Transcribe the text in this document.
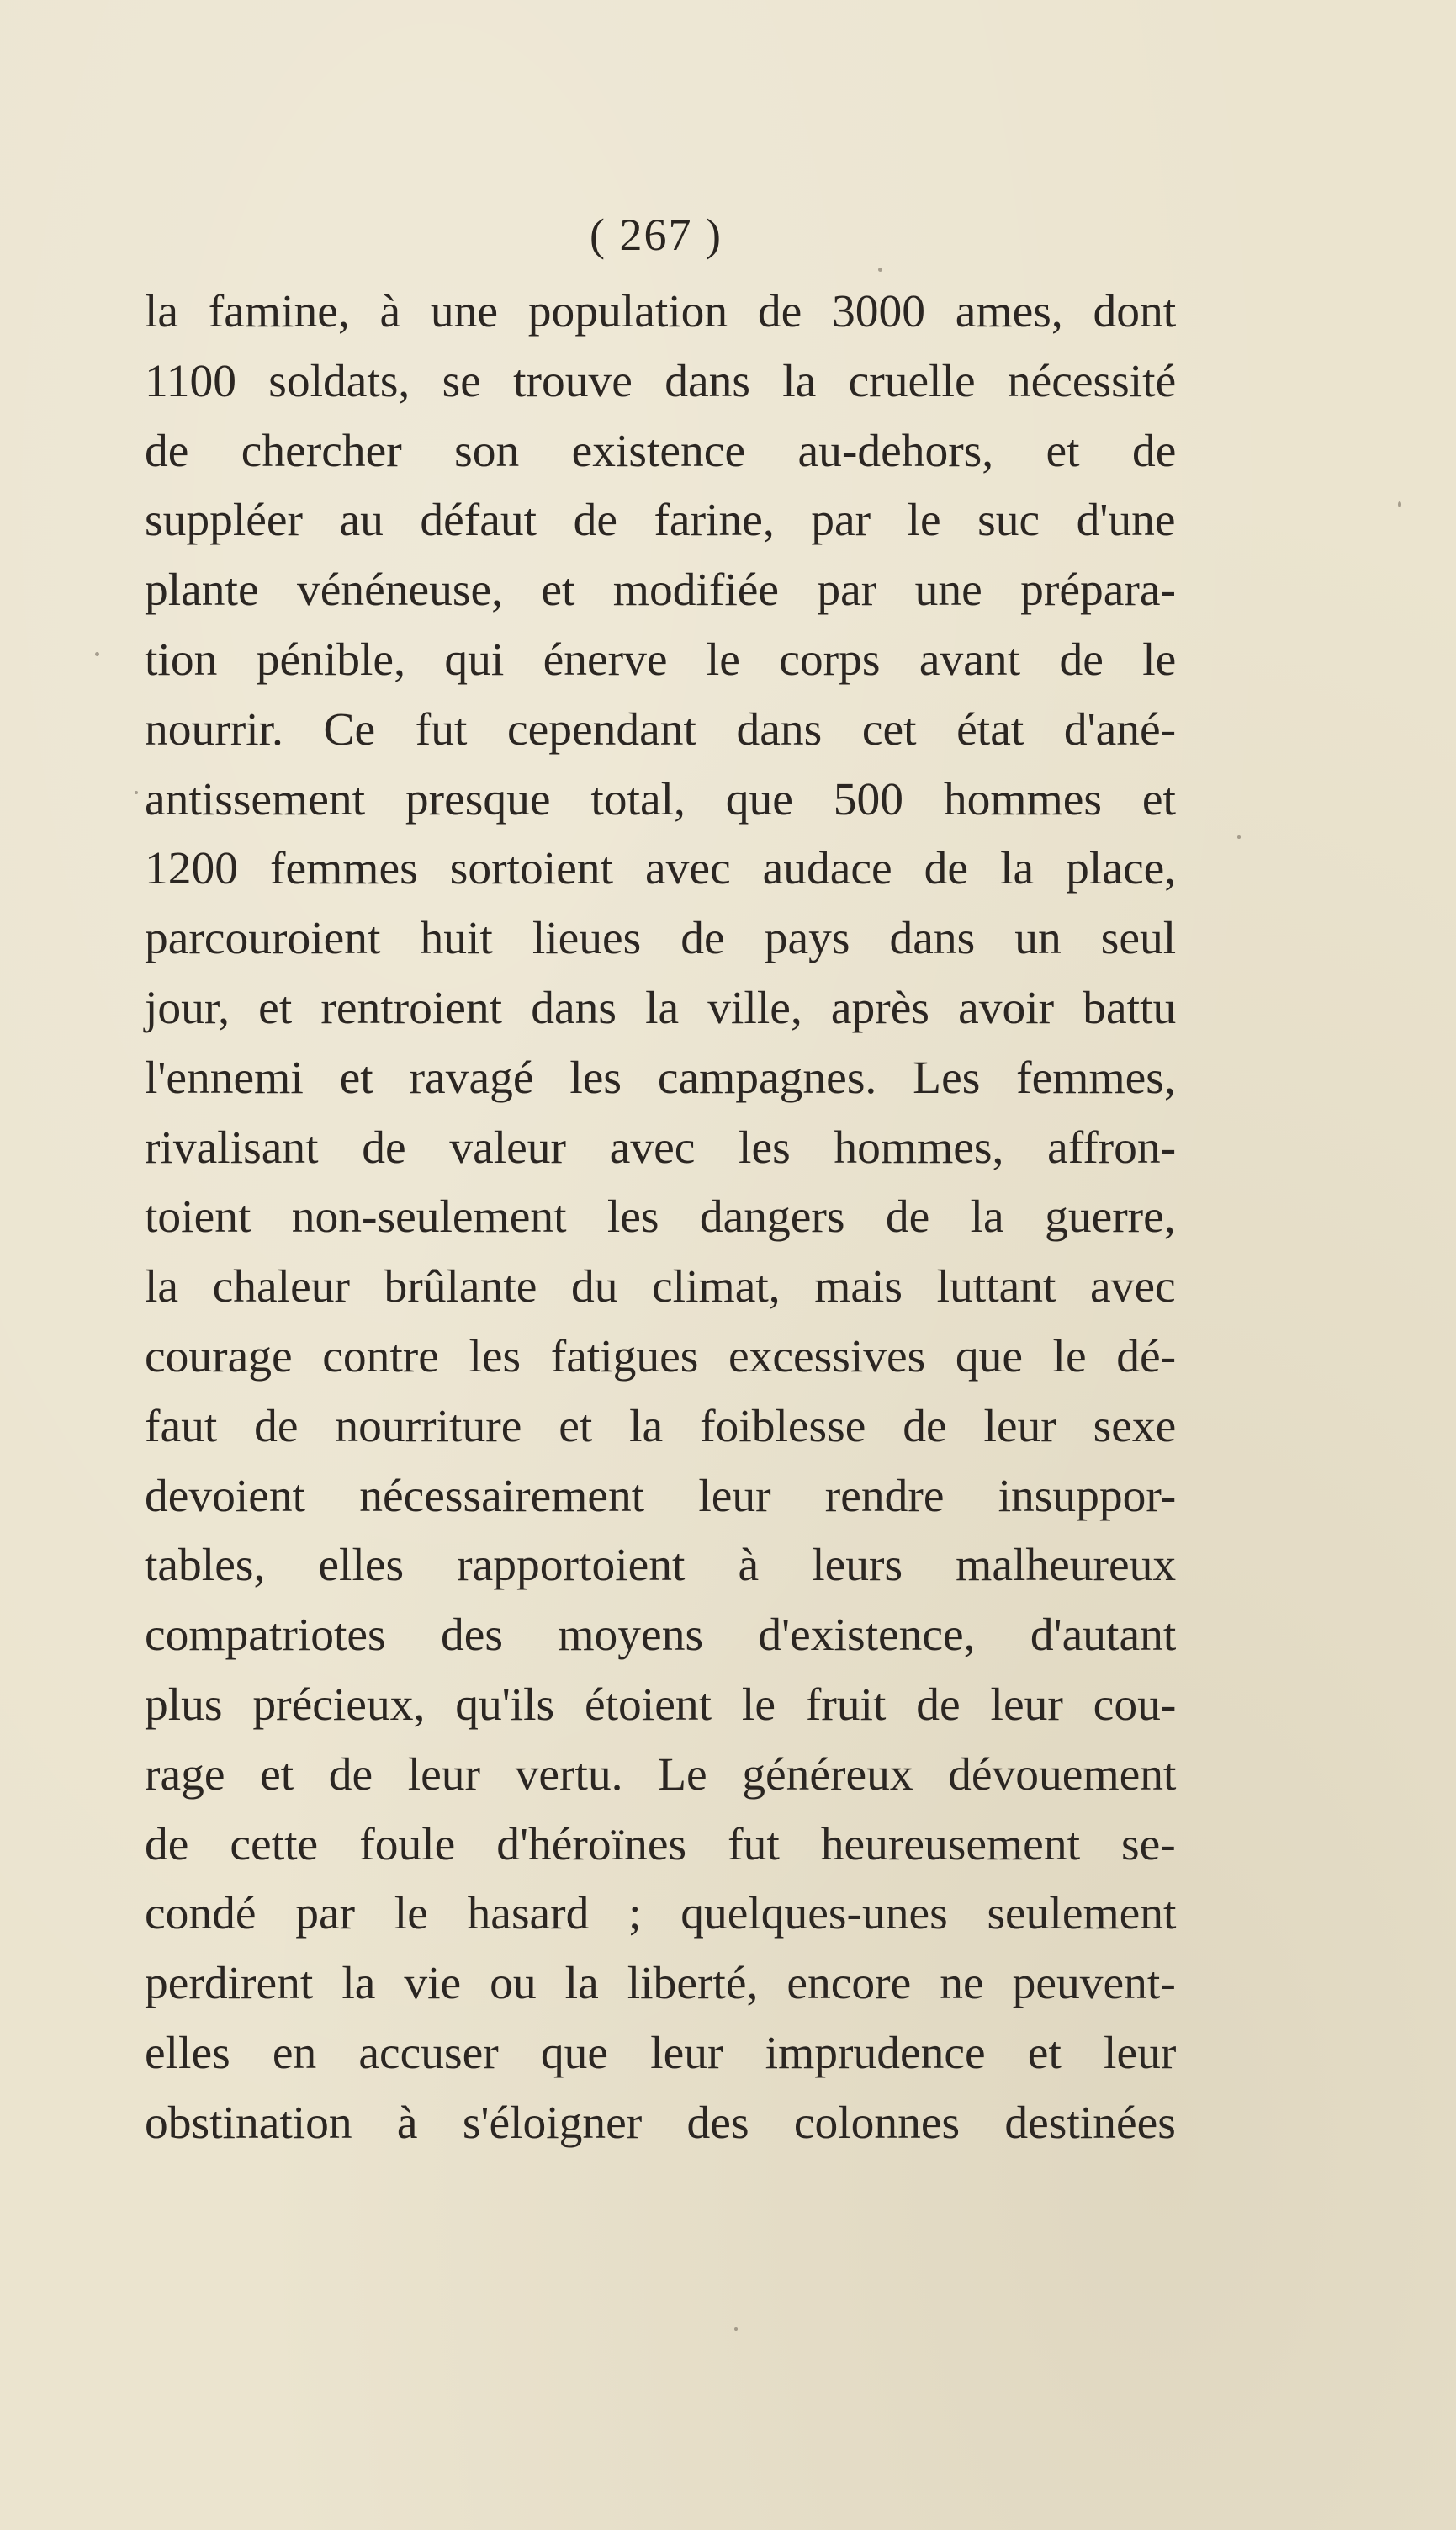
( 267 )
la famine, à une population de 3000 ames, dont
1100 soldats, se trouve dans la cruelle nécessité
de chercher son existence au-dehors, et de
suppléer au défaut de farine, par le suc d'une
plante vénéneuse, et modifiée par une prépara-
tion pénible, qui énerve le corps avant de le
nourrir. Ce fut cependant dans cet état d'ané-
antissement presque total, que 500 hommes et
1200 femmes sortoient avec audace de la place,
parcouroient huit lieues de pays dans un seul
jour, et rentroient dans la ville, après avoir battu
l'ennemi et ravagé les campagnes. Les femmes,
rivalisant de valeur avec les hommes, affron-
toient non-seulement les dangers de la guerre,
la chaleur brûlante du climat, mais luttant avec
courage contre les fatigues excessives que le dé-
faut de nourriture et la foiblesse de leur sexe
devoient nécessairement leur rendre insuppor-
tables, elles rapportoient à leurs malheureux
compatriotes des moyens d'existence, d'autant
plus précieux, qu'ils étoient le fruit de leur cou-
rage et de leur vertu. Le généreux dévouement
de cette foule d'héroïnes fut heureusement se-
condé par le hasard ; quelques-unes seulement
perdirent la vie ou la liberté, encore ne peuvent-
elles en accuser que leur imprudence et leur
obstination à s'éloigner des colonnes destinées
